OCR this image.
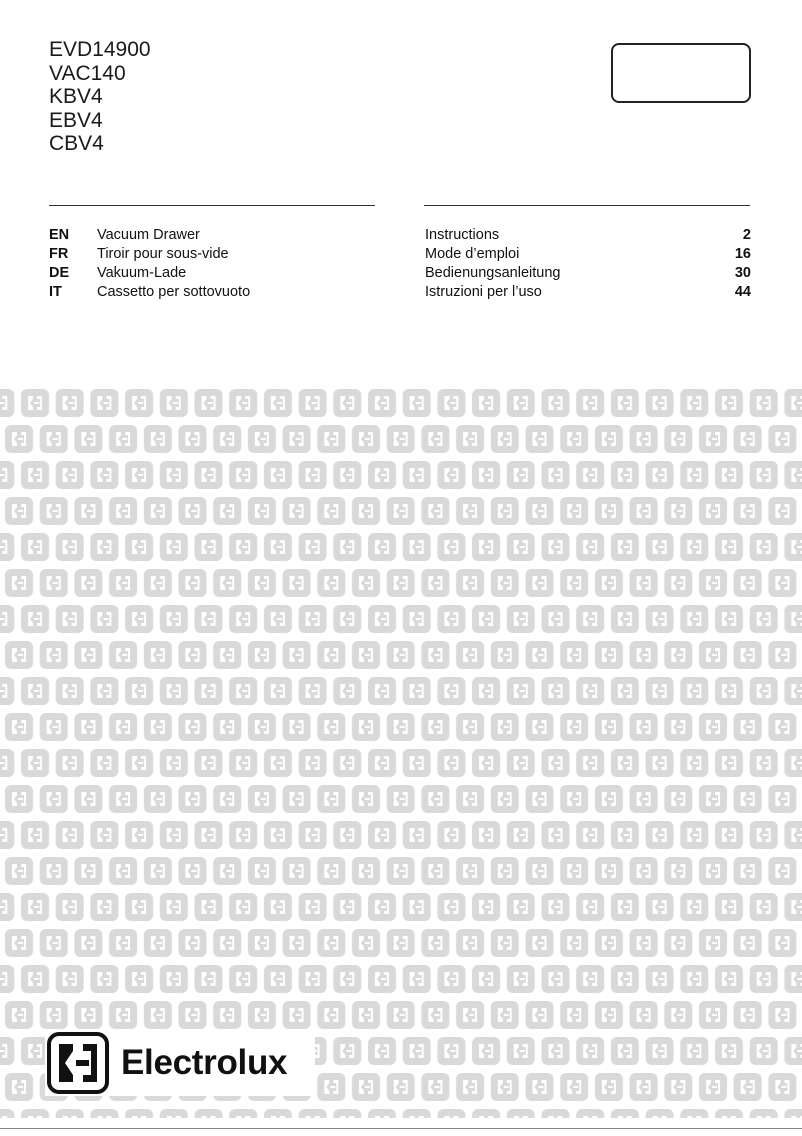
EVD14900
VAC140
KBV4
EBV4
CBV4
EN Vacuum Drawer	Instructions	2
FR Tiroir pour sous-vide	Mode d’emploi	16
DE Vakuum-Lade	Bedienungsanleitung	30
IT Cassetto per sottovuoto	Istruzioni per l’uso	44
Electrolux
